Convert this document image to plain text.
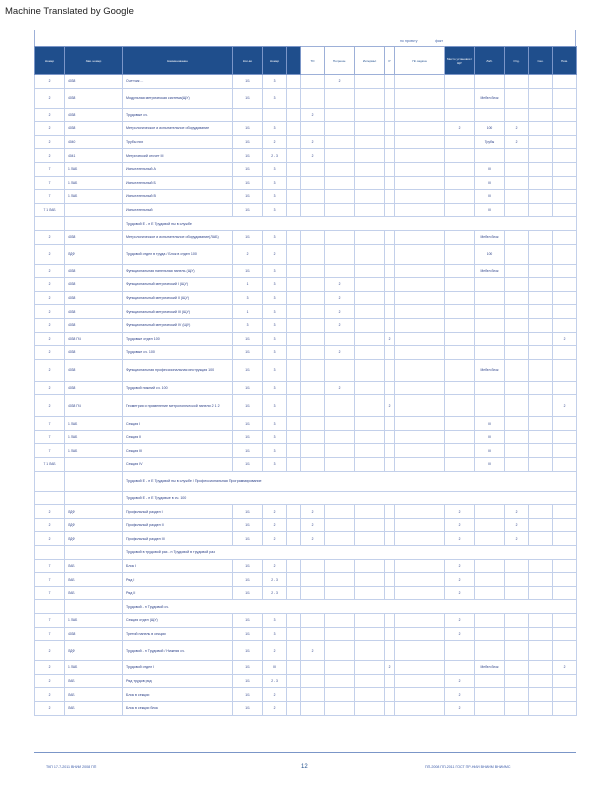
Machine Translated by Google
по проекту	факт
Номер	Зав. номер	Наименование	Кол-во	Номер		ТО	Погрешн.	Интервал	Р	Пп.задача	Место установки / ЩУ	Лаб.	Отд.	Сек.	Пом.
2	4038	Счетчик ...	1/1	3			2								
2	4038	Модульная метрическая система(ЩУ)	1/1	3								Мебел.блок			
2	4038	Трудовые сч.				2									
2	4038	Метрологическое и испытательное оборудование	1/1	3							2	100	2		
2	4040	Трубы них	1/1	2		2						Трубы	2		
2	4041	Метрический отсчет III	1/1	2 - 3		2									
7	1 ЛАБ	Испытательный А	1/1	3								III			
7	1 ЛАБ	Испытательный Б	1/1	3								III			
7	1 ЛАБ	Испытательный В	1/1	3								III			
7 1 ЛАБ		Испытательный	1/1	3								III			
		Трудовой Е - н Е Трудовой ны в службе													
2	4038	Метрологическое и испытательное оборудование(ЛАБ)	1/1	3								Мебел.блок			
2	ЛДФ	Трудовой отдел в труда / Блок в отдел 100	2	2								100			
2	4038	Функциональная панельная панель (ЩУ)	1/1	3								Мебел.блок			
2	4038	Функциональный метрический I (ЩУ)	1	3			2								
2	4038	Функциональный метрический II (ЩУ)	3	3			2								
2	4038	Функциональный метрический III (ЩУ)	1	3			2								
2	4038	Функциональный метрический IV (ЩУ)	3	3			2								
2	4038 ПЧ	Трудовые отдел 100	1/1	3					2						2
2	4038	Трудовые сч. 100	1/1	3			2								
2	4038	Функциональная профессиональная инструкция 100	1/1	3								Мебел.блок			
2	4038	Трудовой нижний сч. 100	1/1	3			2								
2	4038 ПЧ	Геометрия и применение метрологической панели 2 1 2	1/1	3					2						2
7	1 ЛАБ	Секция I	1/1	3								III			
7	1 ЛАБ	Секция II	1/1	3								III			
7	1 ЛАБ	Секция III	1/1	3								III			
7 1 ЛАБ		Секция IV	1/1	3								III			
		Трудовой Е - н Е Трудовой ны в службе / Профессиональная Программирование													
		Трудовой Е - н Е Трудовые в сч. 100													
2	ЛДФ	Профильный раздел I	1/1	2		2					2		2		
2	ЛДФ	Профильный раздел II	1/1	2		2					2		2		
2	ЛДФ	Профильный раздел III	1/1	2		2					2		2		
		Трудовой в трудовой раз - н Трудовой в трудовой раз													
7	ЛАБ	Блок I	1/1	2							2				
7	ЛАБ	Ряд I	1/1	2 - 3							2				
7	ЛАБ	Ряд II	1/1	2 - 3							2				
		Трудовой - н Трудовой сч.													
7	1 ЛАБ	Секция отдел (ЩУ)	1/1	3							2				
7	4038	Третий панель в секции	1/1	3							2				
2	ЛДФ	Трудовой - н Трудовой / Нижняя сч.	1/1	2		2									
2	1 ЛАБ	Трудовой отдел I	1/1	III					2			Мебел.блок			2
2	ЛАБ	Ряд трудов ряд	1/1	2 - 3							2				
2	ЛАБ	Блок в секции	1/1	2							2				
2	ЛАБ	Блок в секции блок	1/1	2							2				
ТКП 17-7-2011 ВНИИ 2008 ПП	12	ПП-2008 ПП-2011 ГОСТ ПР-НИИ ВНИИМ ВНИИМС
